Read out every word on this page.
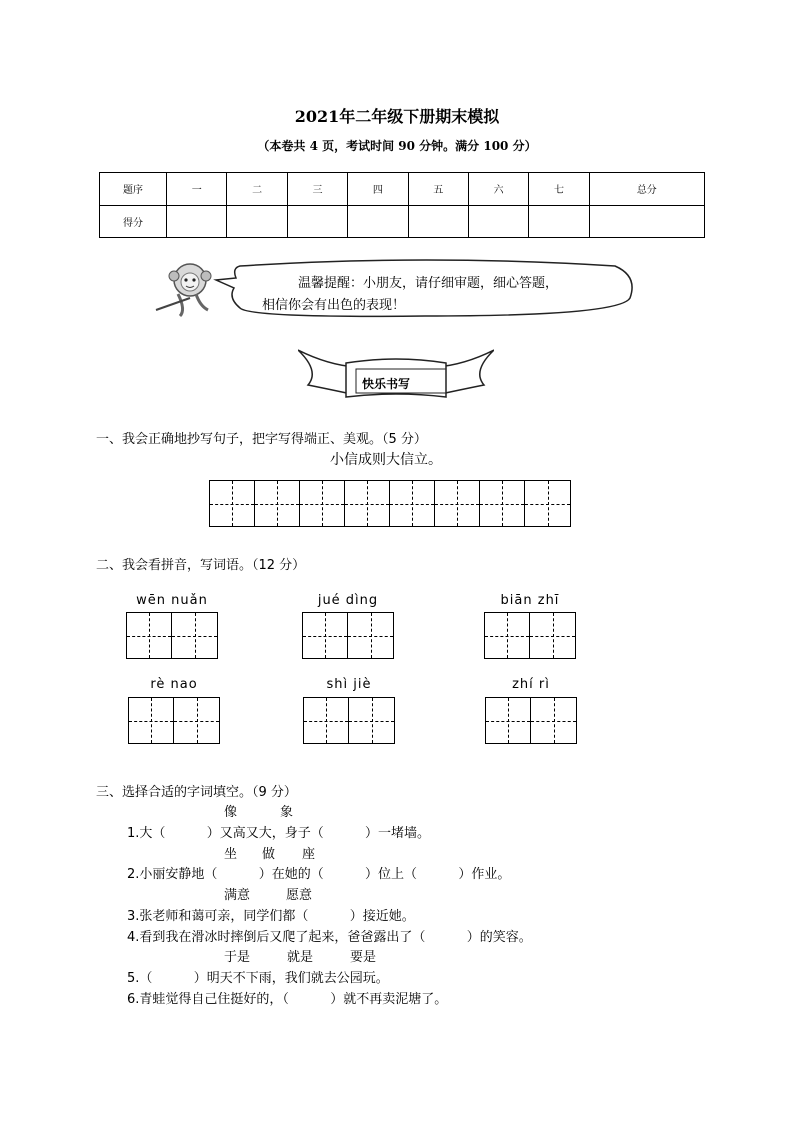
2021年二年级下册期末模拟
（本卷共 4 页，考试时间 90 分钟。满分 100 分）
题序	一	二	三	四	五	六	七	总分
得分								
温馨提醒：小朋友，请仔细审题，细心答题，
相信你会有出色的表现！
快乐书写
一、我会正确地抄写句子，把字写得端正、美观。（5 分）
小信成则大信立。
二、我会看拼音，写词语。（12 分）
wēn nuǎn	jué dìng	biān zhī
rè nao	shì jiè	zhí rì
三、选择合适的字词填空。（9 分）
像	象
1.大（          ）又高又大，身子（          ）一堵墙。
坐 做 座
2.小丽安静地（          ）在她的（          ）位上（          ）作业。
满意	愿意
3.张老师和蔼可亲，同学们都（          ）接近她。
4.看到我在滑冰时摔倒后又爬了起来，爸爸露出了（          ）的笑容。
于是	就是	要是
5.（          ）明天不下雨，我们就去公园玩。
6.青蛙觉得自己住挺好的，（          ）就不再卖泥塘了。
